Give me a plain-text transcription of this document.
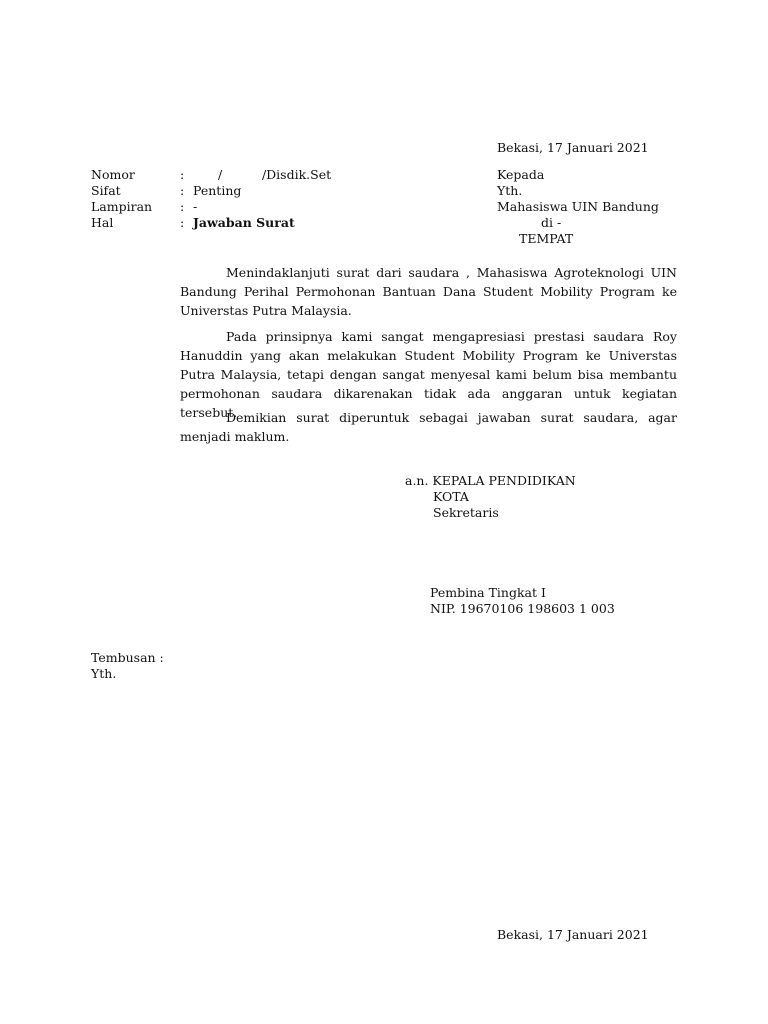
Bekasi, 17 Januari 2021
Nomor	:	/          /Disdik.Set
Sifat	: Penting
Lampiran : -
Hal	: Jawaban Surat
Kepada
Yth.
Mahasiswa UIN Bandung
di -
TEMPAT
Menindaklanjuti surat dari saudara , Mahasiswa Agroteknologi UIN Bandung Perihal Permohonan Bantuan Dana Student Mobility Program ke Universtas Putra Malaysia.
Pada prinsipnya kami sangat mengapresiasi prestasi saudara Roy Hanuddin yang akan melakukan Student Mobility Program ke Universtas Putra Malaysia, tetapi dengan sangat menyesal kami belum bisa membantu permohonan saudara dikarenakan tidak ada anggaran untuk kegiatan tersebut.
Demikian surat diperuntuk sebagai jawaban surat saudara, agar menjadi maklum.
a.n. KEPALA PENDIDIKAN
KOTA
Sekretaris
Pembina Tingkat I
NIP. 19670106 198603 1 003
Tembusan :
Yth.
Bekasi, 17 Januari 2021
